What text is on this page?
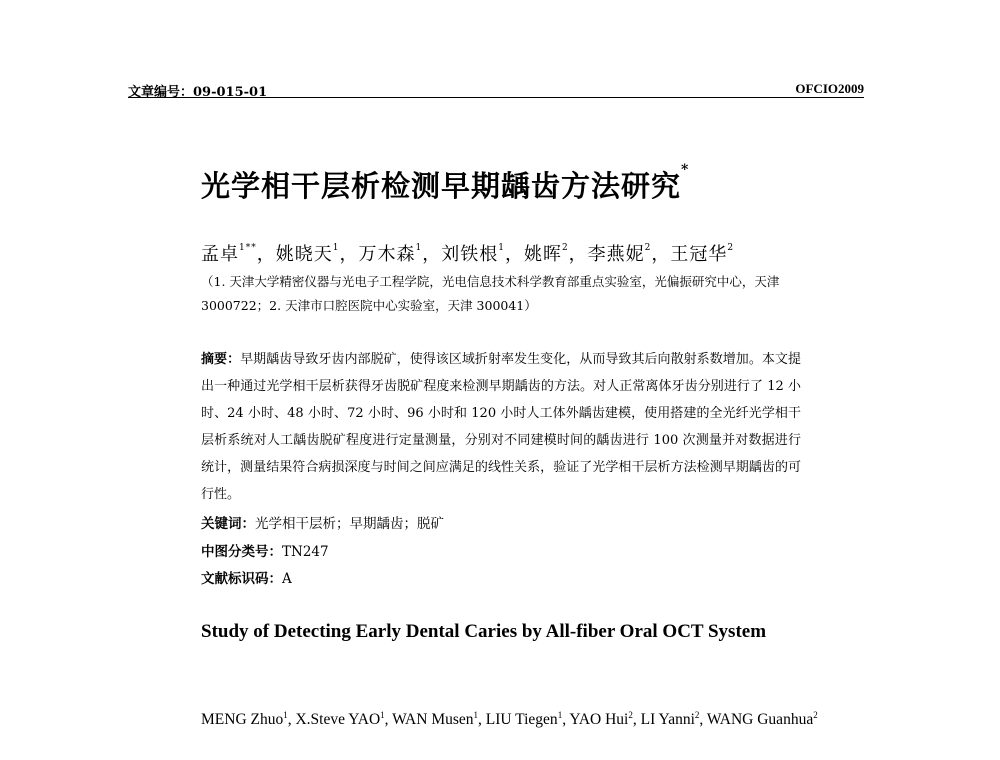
文章编号：09-015-01	OFCIO2009
光学相干层析检测早期龋齿方法研究*
孟卓$^{1**}$，姚晓天$^1$，万木森$^1$，刘铁根$^1$，姚晖$^2$，李燕妮$^2$，王冠华$^2$
（1. 天津大学精密仪器与光电子工程学院，光电信息技术科学教育部重点实验室，光偏振研究中心，天津 3000722；2. 天津市口腔医院中心实验室，天津 300041）
摘要：早期龋齿导致牙齿内部脱矿，使得该区域折射率发生变化，从而导致其后向散射系数增加。本文提出一种通过光学相干层析获得牙齿脱矿程度来检测早期龋齿的方法。对人正常离体牙齿分别进行了 12 小时、24 小时、48 小时、72 小时、96 小时和 120 小时人工体外龋齿建模，使用搭建的全光纤光学相干层析系统对人工龋齿脱矿程度进行定量测量，分别对不同建模时间的龋齿进行 100 次测量并对数据进行统计，测量结果符合病损深度与时间之间应满足的线性关系，验证了光学相干层析方法检测早期龋齿的可行性。
关键词：光学相干层析；早期龋齿；脱矿
中图分类号：TN247
文献标识码：A
Study of Detecting Early Dental Caries by All-fiber Oral OCT System
MENG Zhuo$^1$, X.Steve YAO$^1$, WAN Musen$^1$, LIU Tiegen$^1$, YAO Hui$^2$, LI Yanni$^2$, WANG Guanhua$^2$
